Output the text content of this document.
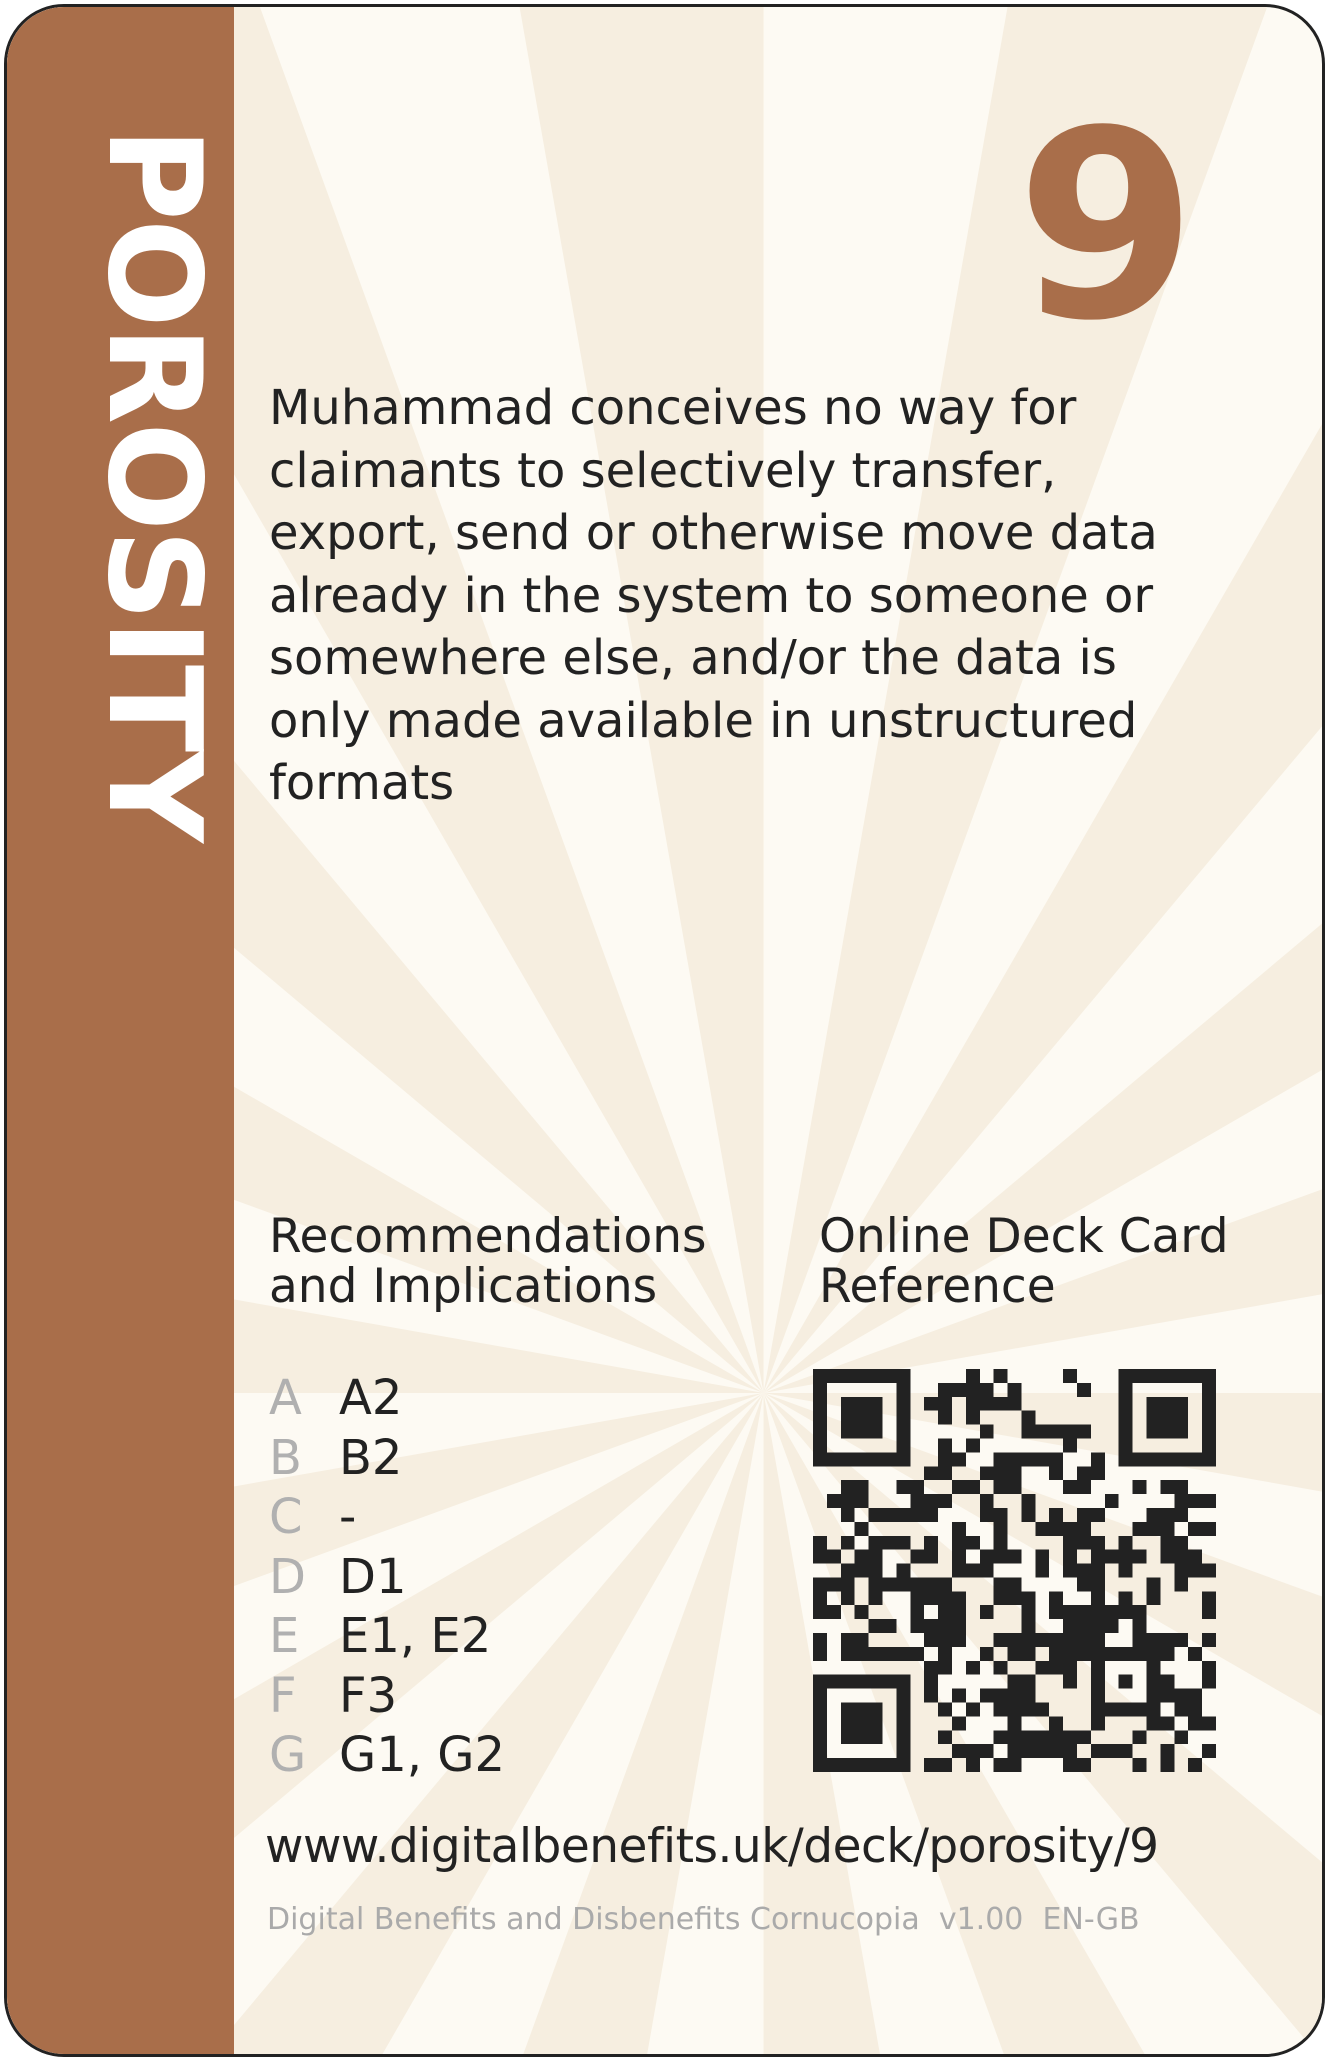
POROSITY	9
Muhammad conceives no way for claimants to selectively transfer, export, send or otherwise move data already in the system to someone or somewhere else, and/or the data is only made available in unstructured formats
Recommendations
and Implications
Online Deck Card
Reference
A A2
B B2
C -
D D1
E E1, E2
F F3
G G1, G2
www.digitalbenefits.uk/deck/porosity/9
Digital Benefits and Disbenefits Cornucopia  v1.00  EN-GB
